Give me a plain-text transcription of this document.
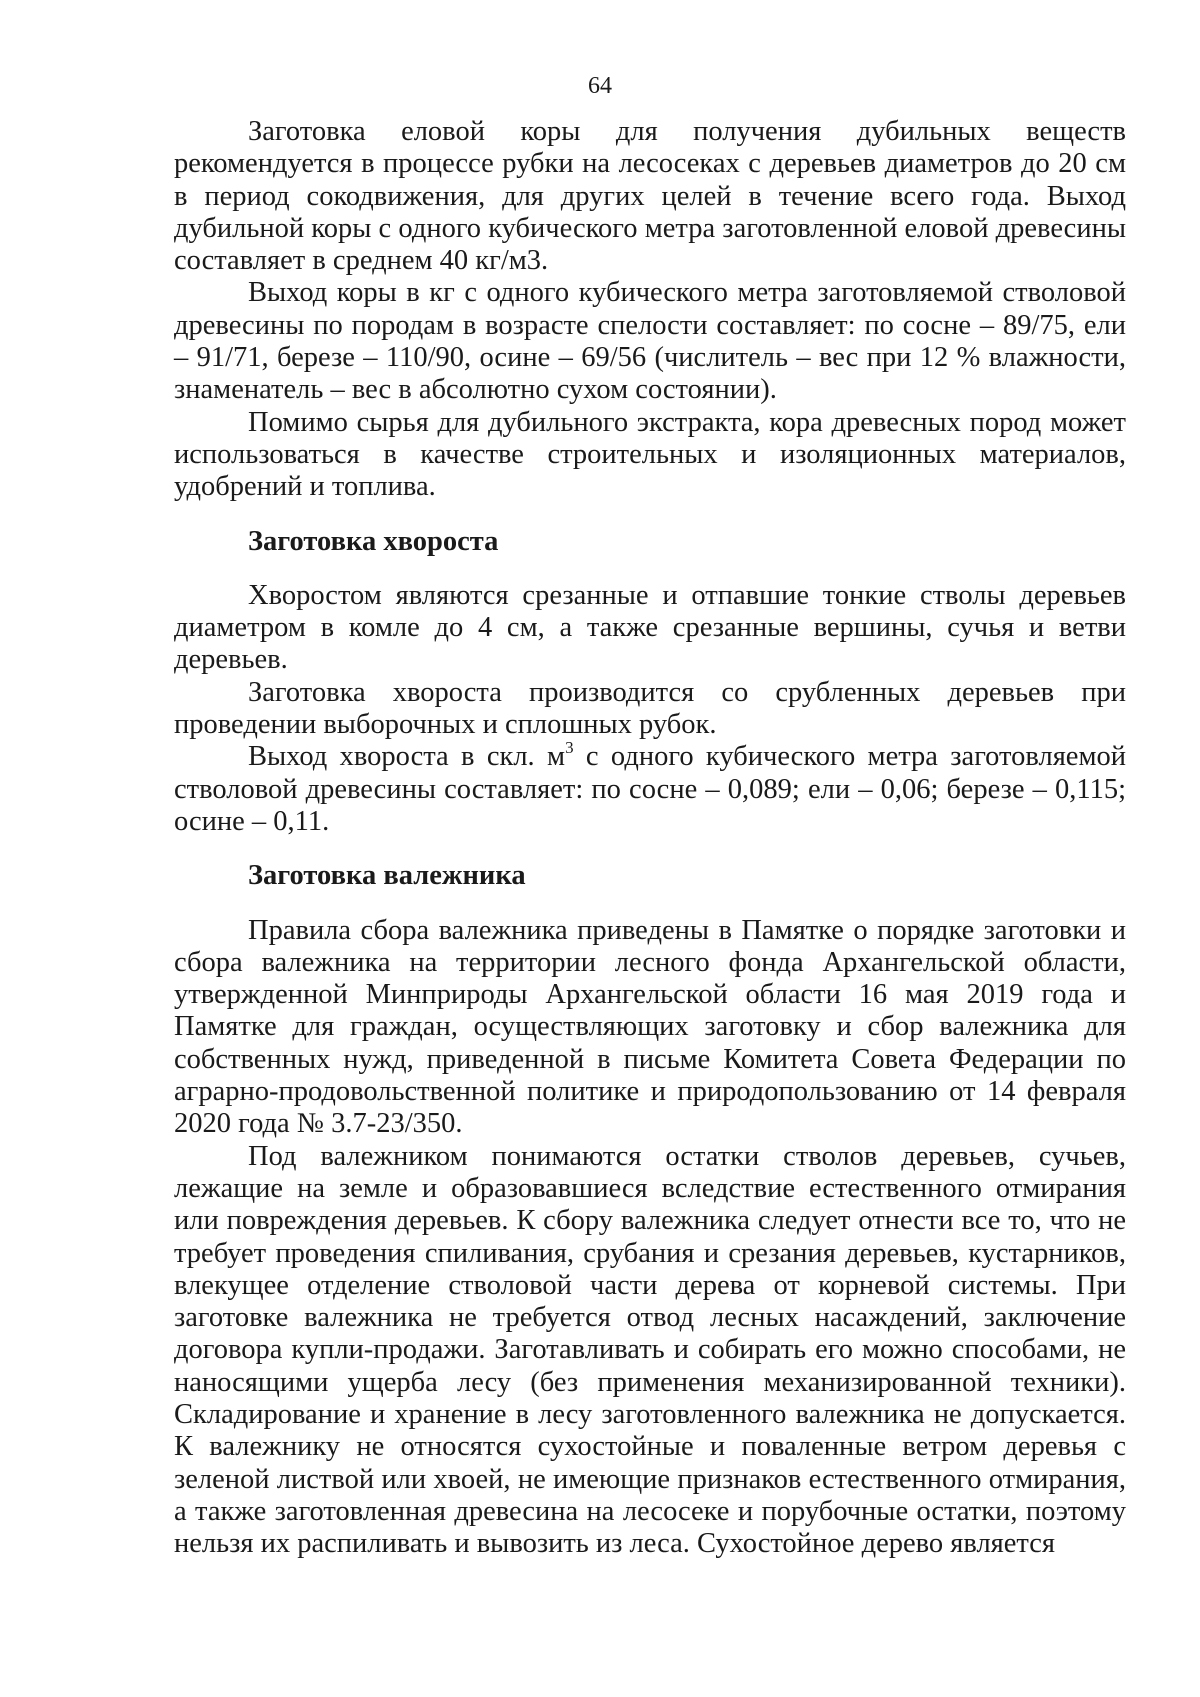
64

Заготовка еловой коры для получения дубильных веществ рекомендуется в процессе рубки на лесосеках с деревьев диаметров до 20 см в период сокодвижения, для других целей в течение всего года. Выход дубильной коры с одного кубического метра заготовленной еловой древесины составляет в среднем 40 кг/м3.

Выход коры в кг с одного кубического метра заготовляемой стволовой древесины по породам в возрасте спелости составляет: по сосне – 89/75, ели – 91/71, березе – 110/90, осине – 69/56 (числитель – вес при 12 % влажности, знаменатель – вес в абсолютно сухом состоянии).

Помимо сырья для дубильного экстракта, кора древесных пород может использоваться в качестве строительных и изоляционных материалов, удобрений и топлива.

Заготовка хвороста

Хворостом являются срезанные и отпавшие тонкие стволы деревьев диаметром в комле до 4 см, а также срезанные вершины, сучья и ветви деревьев.

Заготовка хвороста производится со срубленных деревьев при проведении выборочных и сплошных рубок.

Выход хвороста в скл. $м^3$ с одного кубического метра заготовляемой стволовой древесины составляет: по сосне – 0,089; ели – 0,06; березе – 0,115; осине – 0,11.

Заготовка валежника

Правила сбора валежника приведены в Памятке о порядке заготовки и сбора валежника на территории лесного фонда Архангельской области, утвержденной Минприроды Архангельской области 16 мая 2019 года и Памятке для граждан, осуществляющих заготовку и сбор валежника для собственных нужд, приведенной в письме Комитета Совета Федерации по аграрно-продовольственной политике и природопользованию от 14 февраля 2020 года № 3.7-23/350.

Под валежником понимаются остатки стволов деревьев, сучьев, лежащие на земле и образовавшиеся вследствие естественного отмирания или повреждения деревьев. К сбору валежника следует отнести все то, что не требует проведения спиливания, срубания и срезания деревьев, кустарников, влекущее отделение стволовой части дерева от корневой системы. При заготовке валежника не требуется отвод лесных насаждений, заключение договора купли-продажи. Заготавливать и собирать его можно способами, не наносящими ущерба лесу (без применения механизированной техники). Складирование и хранение в лесу заготовленного валежника не допускается. К валежнику не относятся сухостойные и поваленные ветром деревья с зеленой листвой или хвоей, не имеющие признаков естественного отмирания, а также заготовленная древесина на лесосеке и порубочные остатки, поэтому нельзя их распиливать и вывозить из леса. Сухостойное дерево является
